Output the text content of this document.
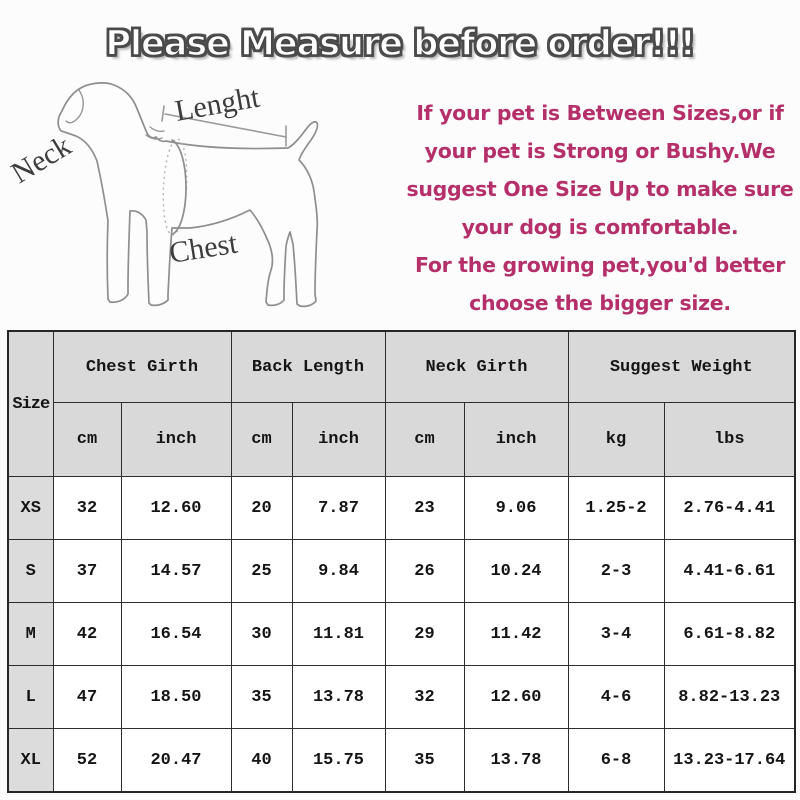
Please Measure before order!!!
Neck
Lenght
Chest
If your pet is Between Sizes,or if
your pet is Strong or Bushy.We
suggest One Size Up to make sure
your dog is comfortable.
For the growing pet,you'd better
choose the bigger size.
Size	Chest Girth		Back Length		Neck Girth		Suggest Weight	
	cm	inch	cm	inch	cm	inch	kg	lbs
XS	32	12.60	20	7.87	23	9.06	1.25-2	2.76-4.41
S	37	14.57	25	9.84	26	10.24	2-3	4.41-6.61
M	42	16.54	30	11.81	29	11.42	3-4	6.61-8.82
L	47	18.50	35	13.78	32	12.60	4-6	8.82-13.23
XL	52	20.47	40	15.75	35	13.78	6-8	13.23-17.64
